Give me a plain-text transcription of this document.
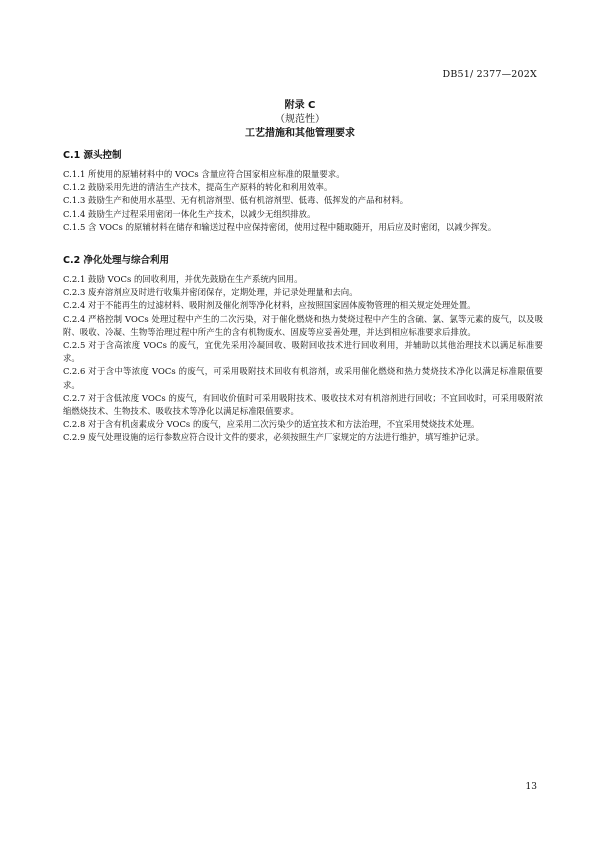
DB51/ 2377—202X
附录 C
（规范性）
工艺措施和其他管理要求
C.1 源头控制
C.1.1 所使用的原辅材料中的 VOCs 含量应符合国家相应标准的限量要求。
C.1.2 鼓励采用先进的清洁生产技术，提高生产原料的转化和利用效率。
C.1.3 鼓励生产和使用水基型、无有机溶剂型、低有机溶剂型、低毒、低挥发的产品和材料。
C.1.4 鼓励生产过程采用密闭一体化生产技术，以减少无组织排放。
C.1.5 含 VOCs 的原辅材料在储存和输送过程中应保持密闭，使用过程中随取随开，用后应及时密闭，以减少挥发。
C.2 净化处理与综合利用
C.2.1 鼓励 VOCs 的回收利用，并优先鼓励在生产系统内回用。
C.2.3 废弃溶剂应及时进行收集并密闭保存，定期处理，并记录处理量和去向。
C.2.4 对于不能再生的过滤材料、吸附剂及催化剂等净化材料，应按照国家固体废物管理的相关规定处理处置。
C.2.4 严格控制 VOCs 处理过程中产生的二次污染，对于催化燃烧和热力焚烧过程中产生的含硫、氯、氯等元素的废气，以及吸附、吸收、冷凝、生物等治理过程中所产生的含有机物废水、固废等应妥善处理，并达到相应标准要求后排放。
C.2.5 对于含高浓度 VOCs 的废气，宜优先采用冷凝回收、吸附回收技术进行回收利用，并辅助以其他治理技术以满足标准要求。
C.2.6 对于含中等浓度 VOCs 的废气，可采用吸附技术回收有机溶剂，或采用催化燃烧和热力焚烧技术净化以满足标准限值要求。
C.2.7 对于含低浓度 VOCs 的废气，有回收价值时可采用吸附技术、吸收技术对有机溶剂进行回收；不宜回收时，可采用吸附浓缩燃烧技术、生物技术、吸收技术等净化以满足标准限值要求。
C.2.8 对于含有机卤素成分 VOCs 的废气，应采用二次污染少的适宜技术和方法治理，不宜采用焚烧技术处理。
C.2.9 废气处理设施的运行参数应符合设计文件的要求，必须按照生产厂家规定的方法进行维护，填写维护记录。
13
